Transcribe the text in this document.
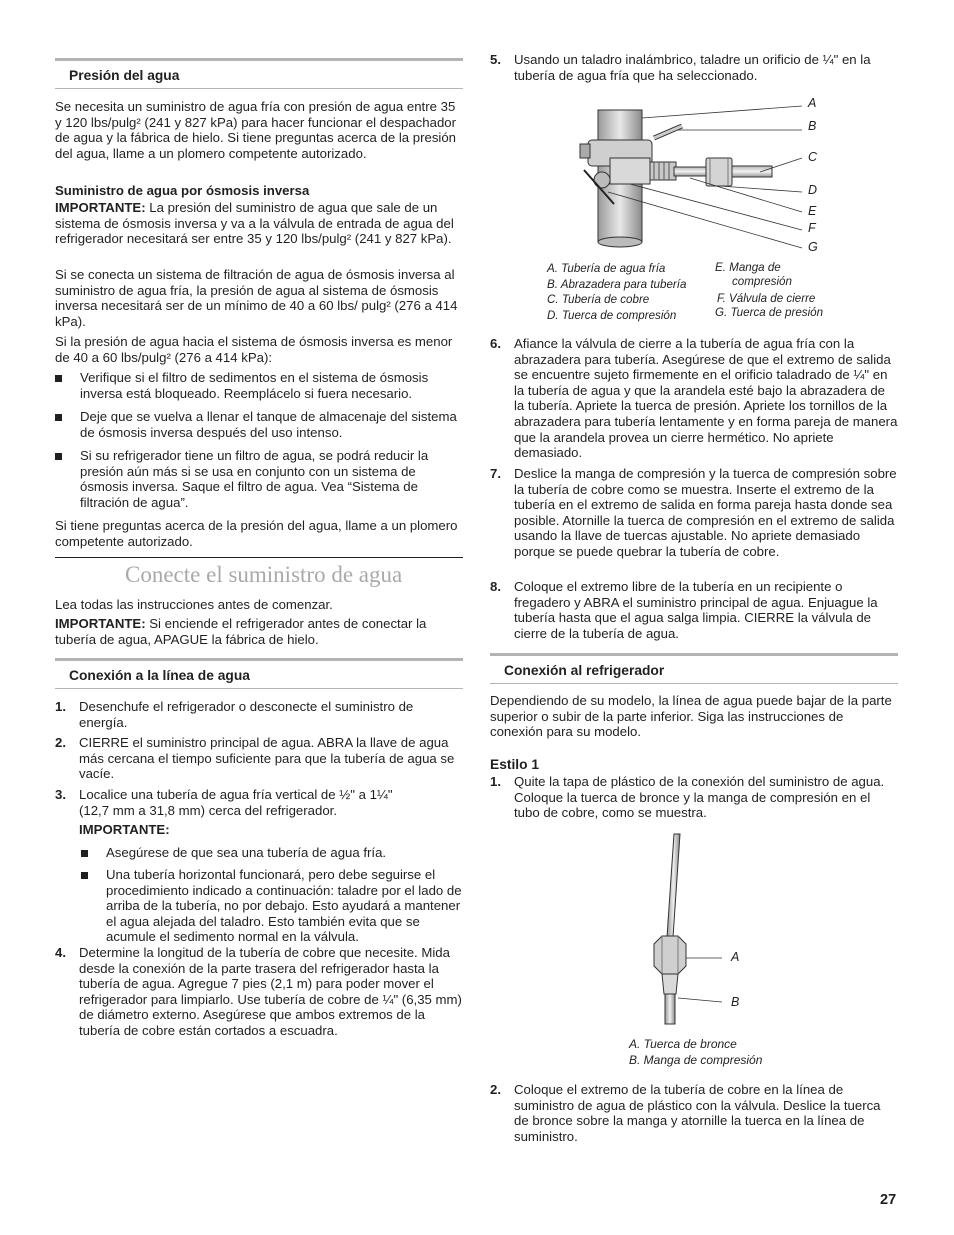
Presión del agua

Se necesita un suministro de agua fría con presión de agua entre 35 y 120 lbs/pulg² (241 y 827 kPa) para hacer funcionar el despachador de agua y la fábrica de hielo. Si tiene preguntas acerca de la presión del agua, llame a un plomero competente autorizado.

Suministro de agua por ósmosis inversa

IMPORTANTE: La presión del suministro de agua que sale de un sistema de ósmosis inversa y va a la válvula de entrada de agua del refrigerador necesitará ser entre 35 y 120 lbs/pulg² (241 y 827 kPa).

Si se conecta un sistema de filtración de agua de ósmosis inversa al suministro de agua fría, la presión de agua al sistema de ósmosis inversa necesitará ser de un mínimo de 40 a 60 lbs/ pulg² (276 a 414 kPa).

Si la presión de agua hacia el sistema de ósmosis inversa es menor de 40 a 60 lbs/pulg² (276 a 414 kPa):

Verifique si el filtro de sedimentos en el sistema de ósmosis inversa está bloqueado. Reemplácelo si fuera necesario.
Deje que se vuelva a llenar el tanque de almacenaje del sistema de ósmosis inversa después del uso intenso.
Si su refrigerador tiene un filtro de agua, se podrá reducir la presión aún más si se usa en conjunto con un sistema de ósmosis inversa. Saque el filtro de agua. Vea “Sistema de filtración de agua”.

Si tiene preguntas acerca de la presión del agua, llame a un plomero competente autorizado.

Conecte el suministro de agua

Lea todas las instrucciones antes de comenzar.

IMPORTANTE: Si enciende el refrigerador antes de conectar la tubería de agua, APAGUE la fábrica de hielo.

Conexión a la línea de agua
1. Desenchufe el refrigerador o desconecte el suministro de energía.
2. CIERRE el suministro principal de agua. ABRA la llave de agua más cercana el tiempo suficiente para que la tubería de agua se vacíe.
3. Localice una tubería de agua fría vertical de ½" a 1¼" (12,7 mm a 31,8 mm) cerca del refrigerador.

IMPORTANTE:

Asegúrese de que sea una tubería de agua fría.
Una tubería horizontal funcionará, pero debe seguirse el procedimiento indicado a continuación: taladre por el lado de arriba de la tubería, no por debajo. Esto ayudará a mantener el agua alejada del taladro. Esto también evita que se acumule el sedimento normal en la válvula.
4. Determine la longitud de la tubería de cobre que necesite. Mida desde la conexión de la parte trasera del refrigerador hasta la tubería de agua. Agregue 7 pies (2,1 m) para poder mover el refrigerador para limpiarlo. Use tubería de cobre de ¼" (6,35 mm) de diámetro externo. Asegúrese que ambos extremos de la tubería de cobre están cortados a escuadra.
5. Usando un taladro inalámbrico, taladre un orificio de ¼" en la tubería de agua fría que ha seleccionado.
A
B
C
D
E
F
G
A. Tubería de agua fría
B. Abrazadera para tubería
C. Tubería de cobre
D. Tuerca de compresión
E. Manga de
compresión
F. Válvula de cierre
G. Tuerca de presión
6. Afiance la válvula de cierre a la tubería de agua fría con la abrazadera para tubería. Asegúrese de que el extremo de salida se encuentre sujeto firmemente en el orificio taladrado de ¼" en la tubería de agua y que la arandela esté bajo la abrazadera de la tubería. Apriete la tuerca de presión. Apriete los tornillos de la abrazadera para tubería lentamente y en forma pareja de manera que la arandela provea un cierre hermético. No apriete demasiado.
7. Deslice la manga de compresión y la tuerca de compresión sobre la tubería de cobre como se muestra. Inserte el extremo de la tubería en el extremo de salida en forma pareja hasta donde sea posible. Atornille la tuerca de compresión en el extremo de salida usando la llave de tuercas ajustable. No apriete demasiado porque se puede quebrar la tubería de cobre.
8. Coloque el extremo libre de la tubería en un recipiente o fregadero y ABRA el suministro principal de agua. Enjuague la tubería hasta que el agua salga limpia. CIERRE la válvula de cierre de la tubería de agua.
Conexión al refrigerador

Dependiendo de su modelo, la línea de agua puede bajar de la parte superior o subir de la parte inferior. Siga las instrucciones de conexión para su modelo.

Estilo 1

1. Quite la tapa de plástico de la conexión del suministro de agua. Coloque la tuerca de bronce y la manga de compresión en el tubo de cobre, como se muestra.
A
B
A. Tuerca de bronce
B. Manga de compresión
2. Coloque el extremo de la tubería de cobre en la línea de suministro de agua de plástico con la válvula. Deslice la tuerca de bronce sobre la manga y atornille la tuerca en la línea de suministro.
27
